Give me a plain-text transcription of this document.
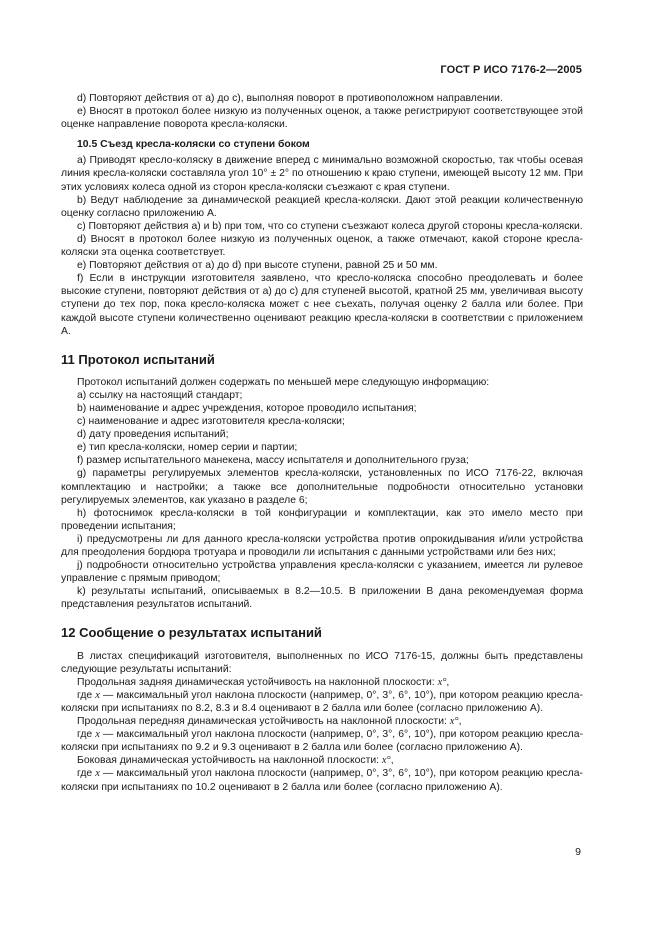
ГОСТ Р ИСО 7176-2—2005

d) Повторяют действия от а) до с), выполняя поворот в противоположном направлении.

е) Вносят в протокол более низкую из полученных оценок, а также регистрируют соответствующее этой оценке направление поворота кресла-коляски.

10.5 Съезд кресла-коляски со ступени боком

a) Приводят кресло-коляску в движение вперед с минимально возможной скоростью, так чтобы осевая линия кресла-коляски составляла угол 10° ± 2° по отношению к краю ступени, имеющей высоту 12 мм. При этих условиях колеса одной из сторон кресла-коляски съезжают с края ступени.

b) Ведут наблюдение за динамической реакцией кресла-коляски. Дают этой реакции количественную оценку согласно приложению А.

c) Повторяют действия а) и b) при том, что со ступени съезжают колеса другой стороны кресла-коляски.

d) Вносят в протокол более низкую из полученных оценок, а также отмечают, какой стороне кресла-коляски эта оценка соответствует.

е) Повторяют действия от а) до d) при высоте ступени, равной 25 и 50 мм.

f) Если в инструкции изготовителя заявлено, что кресло-коляска способно преодолевать и более высокие ступени, повторяют действия от а) до с) для ступеней высотой, кратной 25 мм, увеличивая высоту ступени до тех пор, пока кресло-коляска может с нее съехать, получая оценку 2 балла или более. При каждой высоте ступени количественно оценивают реакцию кресла-коляски в соответствии с приложением А.

11 Протокол испытаний

Протокол испытаний должен содержать по меньшей мере следующую информацию:

a) ссылку на настоящий стандарт;

b) наименование и адрес учреждения, которое проводило испытания;

c) наименование и адрес изготовителя кресла-коляски;

d) дату проведения испытаний;

е) тип кресла-коляски, номер серии и партии;

f) размер испытательного манекена, массу испытателя и дополнительного груза;

g) параметры регулируемых элементов кресла-коляски, установленных по ИСО 7176-22, включая комплектацию и настройки; а также все дополнительные подробности относительно установки регулируемых элементов, как указано в разделе 6;

h) фотоснимок кресла-коляски в той конфигурации и комплектации, как это имело место при проведении испытания;

i) предусмотрены ли для данного кресла-коляски устройства против опрокидывания и/или устройства для преодоления бордюра тротуара и проводили ли испытания с данными устройствами или без них;

j) подробности относительно устройства управления кресла-коляски с указанием, имеется ли рулевое управление с прямым приводом;

k) результаты испытаний, описываемых в 8.2—10.5. В приложении В дана рекомендуемая форма представления результатов испытаний.

12 Сообщение о результатах испытаний

В листах спецификаций изготовителя, выполненных по ИСО 7176-15, должны быть представлены следующие результаты испытаний:

Продольная задняя динамическая устойчивость на наклонной плоскости: x°,

где x — максимальный угол наклона плоскости (например, 0°, 3°, 6°, 10°), при котором реакцию кресла-коляски при испытаниях по 8.2, 8.3 и 8.4 оценивают в 2 балла или более (согласно приложению А).

Продольная передняя динамическая устойчивость на наклонной плоскости: x°,

где x — максимальный угол наклона плоскости (например, 0°, 3°, 6°, 10°), при котором реакцию кресла-коляски при испытаниях по 9.2 и 9.3 оценивают в 2 балла или более (согласно приложению А).

Боковая динамическая устойчивость на наклонной плоскости: x°,

где x — максимальный угол наклона плоскости (например, 0°, 3°, 6°, 10°), при котором реакцию кресла-коляски при испытаниях по 10.2 оценивают в 2 балла или более (согласно приложению А).

9
